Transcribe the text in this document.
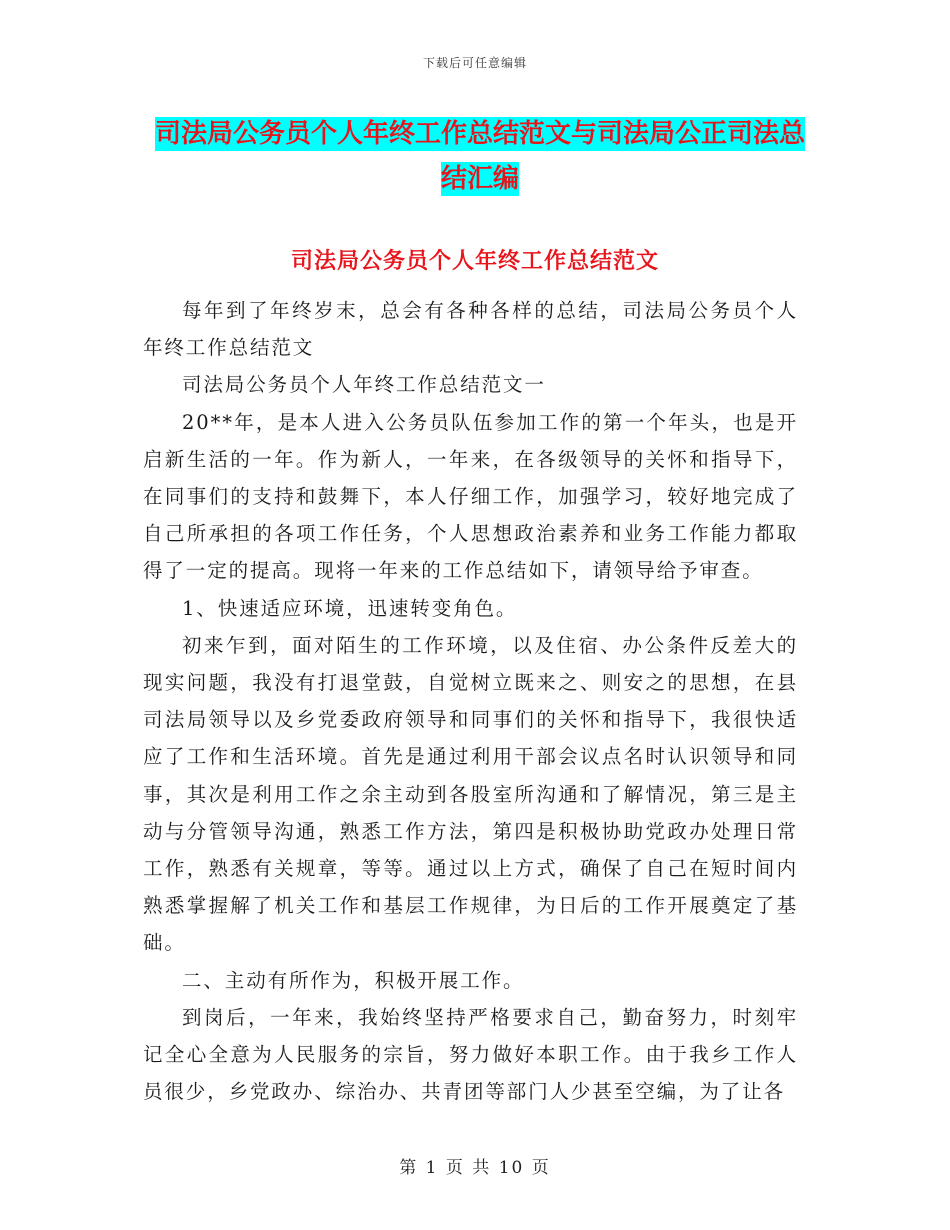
下载后可任意编辑
司法局公务员个人年终工作总结范文与司法局公正司法总结汇编
司法局公务员个人年终工作总结范文

每年到了年终岁末，总会有各种各样的总结，司法局公务员个人年终工作总结范文

司法局公务员个人年终工作总结范文一

20**年，是本人进入公务员队伍参加工作的第一个年头，也是开启新生活的一年。作为新人，一年来，在各级领导的关怀和指导下，在同事们的支持和鼓舞下，本人仔细工作，加强学习，较好地完成了自己所承担的各项工作任务，个人思想政治素养和业务工作能力都取得了一定的提高。现将一年来的工作总结如下，请领导给予审查。

1、快速适应环境，迅速转变角色。

初来乍到，面对陌生的工作环境，以及住宿、办公条件反差大的现实问题，我没有打退堂鼓，自觉树立既来之、则安之的思想，在县司法局领导以及乡党委政府领导和同事们的关怀和指导下，我很快适应了工作和生活环境。首先是通过利用干部会议点名时认识领导和同事，其次是利用工作之余主动到各股室所沟通和了解情况，第三是主动与分管领导沟通，熟悉工作方法，第四是积极协助党政办处理日常工作，熟悉有关规章，等等。通过以上方式，确保了自己在短时间内熟悉掌握解了机关工作和基层工作规律，为日后的工作开展奠定了基础。

二、主动有所作为，积极开展工作。

到岗后，一年来，我始终坚持严格要求自己，勤奋努力，时刻牢记全心全意为人民服务的宗旨，努力做好本职工作。由于我乡工作人员很少，乡党政办、综治办、共青团等部门人少甚至空编，为了让各

第 1 页 共 10 页
